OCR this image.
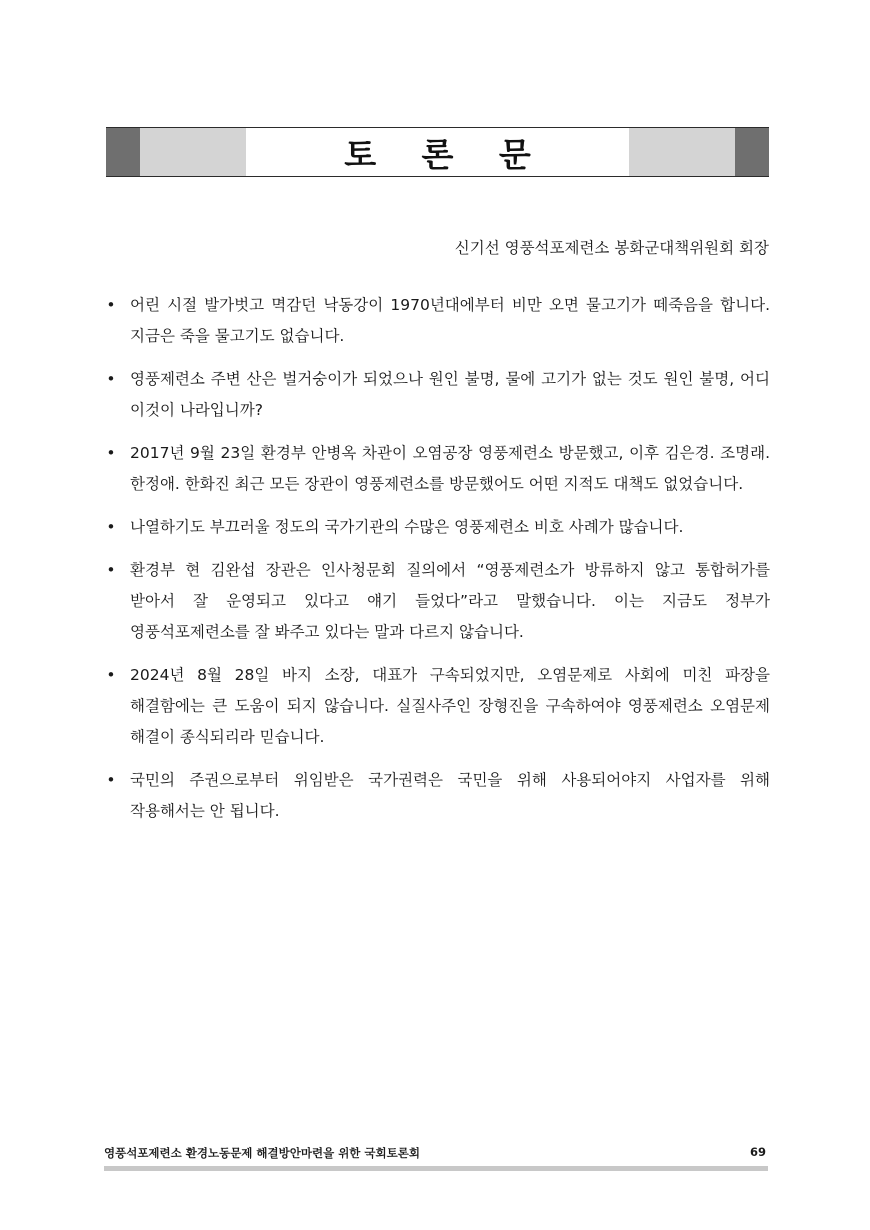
토 론 문
신기선 영풍석포제련소 봉화군대책위원회 회장
• 어린 시절 발가벗고 멱감던 낙동강이 1970년대에부터 비만 오면 물고기가 떼죽음을 합니다. 지금은 죽을 물고기도 없습니다.
• 영풍제련소 주변 산은 벌거숭이가 되었으나 원인 불명, 물에 고기가 없는 것도 원인 불명, 어디 이것이 나라입니까?
• 2017년 9월 23일 환경부 안병옥 차관이 오염공장 영풍제련소 방문했고, 이후 김은경. 조명래. 한정애. 한화진 최근 모든 장관이 영풍제련소를 방문했어도 어떤 지적도 대책도 없었습니다.
• 나열하기도 부끄러울 정도의 국가기관의 수많은 영풍제련소 비호 사례가 많습니다.
• 환경부 현 김완섭 장관은 인사청문회 질의에서 “영풍제련소가 방류하지 않고 통합허가를 받아서 잘 운영되고 있다고 얘기 들었다”라고 말했습니다. 이는 지금도 정부가 영풍석포제련소를 잘 봐주고 있다는 말과 다르지 않습니다.
• 2024년 8월 28일 바지 소장, 대표가 구속되었지만, 오염문제로 사회에 미친 파장을 해결함에는 큰 도움이 되지 않습니다. 실질사주인 장형진을 구속하여야 영풍제련소 오염문제 해결이 종식되리라 믿습니다.
• 국민의 주권으로부터 위임받은 국가권력은 국민을 위해 사용되어야지 사업자를 위해 작용해서는 안 됩니다.
영풍석포제련소 환경노동문제 해결방안마련을 위한 국회토론회	69
